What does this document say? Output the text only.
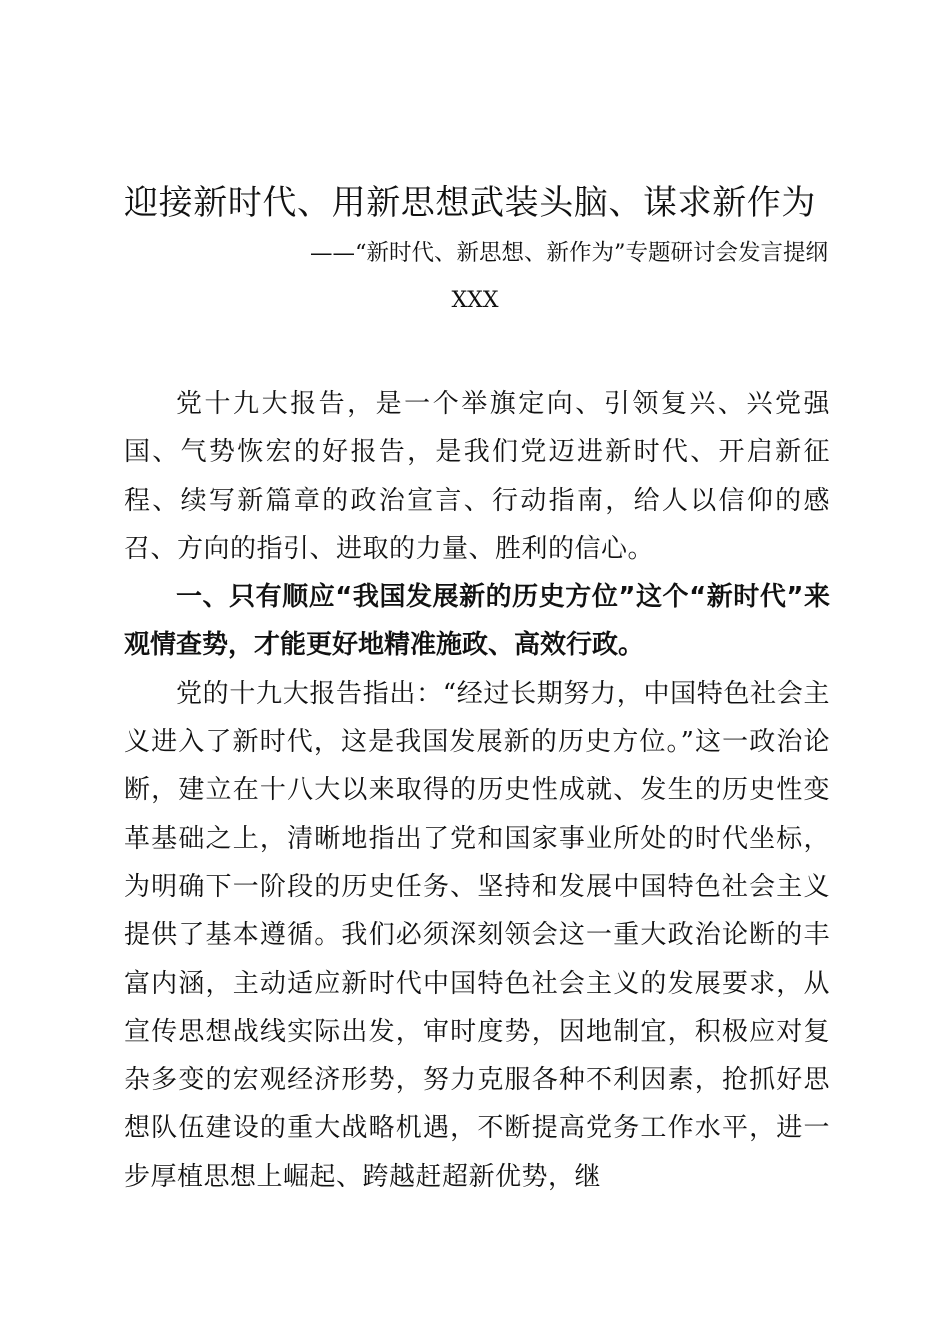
迎接新时代、用新思想武装头脑、谋求新作为

——“新时代、新思想、新作为”专题研讨会发言提纲

XXX

党十九大报告，是一个举旗定向、引领复兴、兴党强国、气势恢宏的好报告，是我们党迈进新时代、开启新征程、续写新篇章的政治宣言、行动指南，给人以信仰的感召、方向的指引、进取的力量、胜利的信心。

一、只有顺应“我国发展新的历史方位”这个“新时代”来观情查势，才能更好地精准施政、高效行政。

党的十九大报告指出：“经过长期努力，中国特色社会主义进入了新时代，这是我国发展新的历史方位。”这一政治论断，建立在十八大以来取得的历史性成就、发生的历史性变革基础之上，清晰地指出了党和国家事业所处的时代坐标，为明确下一阶段的历史任务、坚持和发展中国特色社会主义提供了基本遵循。我们必须深刻领会这一重大政治论断的丰富内涵，主动适应新时代中国特色社会主义的发展要求，从宣传思想战线实际出发，审时度势，因地制宜，积极应对复杂多变的宏观经济形势，努力克服各种不利因素，抢抓好思想队伍建设的重大战略机遇，不断提高党务工作水平，进一步厚植思想上崛起、跨越赶超新优势，继
